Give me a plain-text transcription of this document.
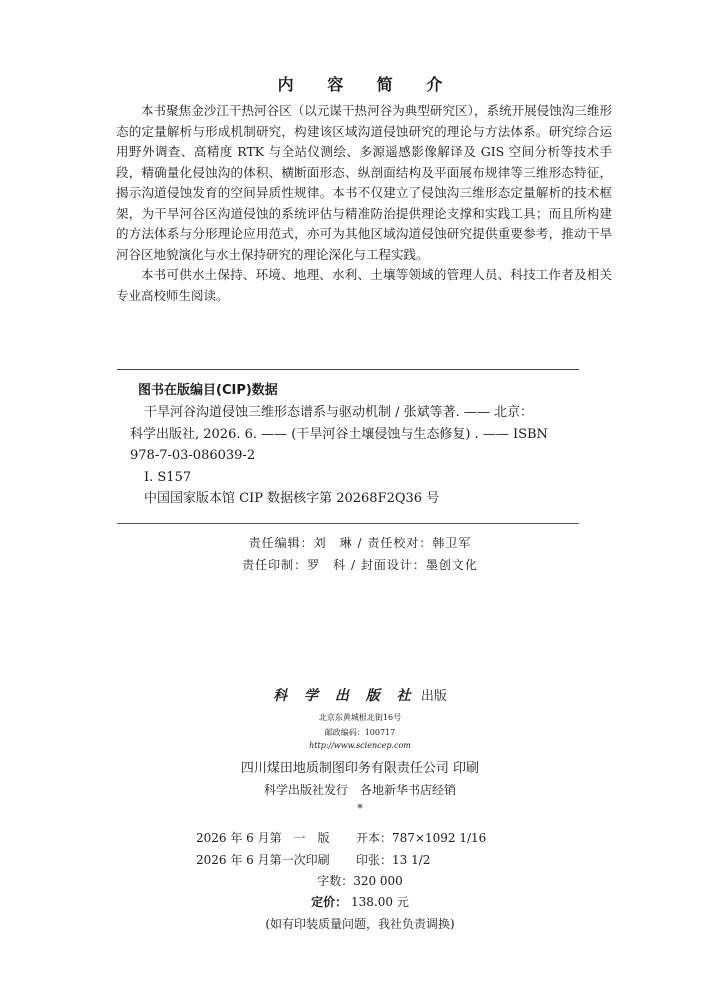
内 容 简 介

本书聚焦金沙江干热河谷区（以元谋干热河谷为典型研究区），系统开展侵蚀沟三维形态的定量解析与形成机制研究，构建该区域沟道侵蚀研究的理论与方法体系。研究综合运用野外调查、高精度 RTK 与全站仪测绘、多源遥感影像解译及 GIS 空间分析等技术手段，精确量化侵蚀沟的体积、横断面形态、纵剖面结构及平面展布规律等三维形态特征，揭示沟道侵蚀发育的空间异质性规律。本书不仅建立了侵蚀沟三维形态定量解析的技术框架，为干旱河谷区沟道侵蚀的系统评估与精准防治提供理论支撑和实践工具；而且所构建的方法体系与分形理论应用范式，亦可为其他区域沟道侵蚀研究提供重要参考，推动干旱河谷区地貌演化与水土保持研究的理论深化与工程实践。

本书可供水土保持、环境、地理、水利、土壤等领域的管理人员、科技工作者及相关专业高校师生阅读。

图书在版编目(CIP)数据
干旱河谷沟道侵蚀三维形态谱系与驱动机制 / 张斌等著. —— 北京：
科学出版社, 2026. 6. —— (干旱河谷土壤侵蚀与生态修复) . —— ISBN
978-7-03-086039-2
Ⅰ. S157
中国国家版本馆 CIP 数据核字第 20268F2Q36 号
责任编辑：刘　琳 / 责任校对：韩卫军
责任印制：罗　科 / 封面设计：墨创文化
科 学 出 版 社 出版
北京东黄城根北街16号
邮政编码：100717
http://www.sciencep.com
四川煤田地质制图印务有限责任公司 印刷
科学出版社发行　各地新华书店经销
*
2026 年 6 月第　一　版 开本：787×1092 1/16
2026 年 6 月第一次印刷 印张：13 1/2
字数：320 000
定价： 138.00 元
(如有印装质量问题，我社负责调换)
